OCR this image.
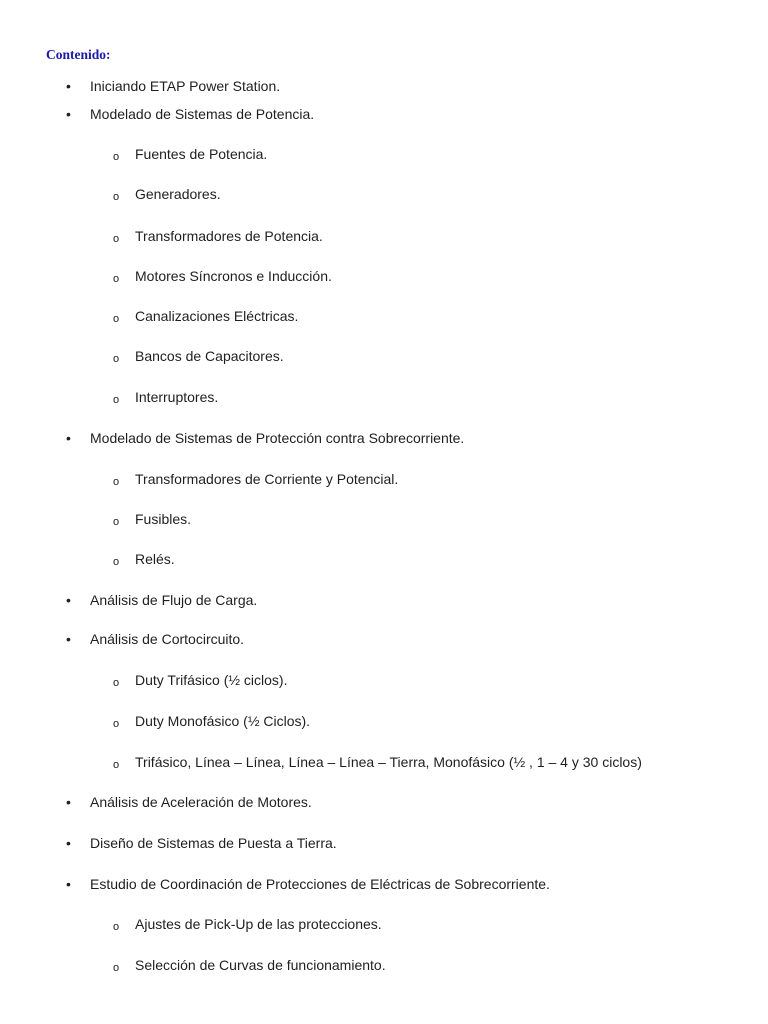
Contenido:
•Iniciando ETAP Power Station.
•Modelado de Sistemas de Potencia.
oFuentes de Potencia.
oGeneradores.
oTransformadores de Potencia.
oMotores Síncronos e Inducción.
oCanalizaciones Eléctricas.
oBancos de Capacitores.
oInterruptores.
•Modelado de Sistemas de Protección contra Sobrecorriente.
oTransformadores de Corriente y Potencial.
oFusibles.
oRelés.
•Análisis de Flujo de Carga.
•Análisis de Cortocircuito.
oDuty Trifásico (½ ciclos).
oDuty Monofásico (½ Ciclos).
oTrifásico, Línea – Línea, Línea – Línea – Tierra, Monofásico (½ , 1 – 4 y 30 ciclos)
•Análisis de Aceleración de Motores.
•Diseño de Sistemas de Puesta a Tierra.
•Estudio de Coordinación de Protecciones de Eléctricas de Sobrecorriente.
oAjustes de Pick-Up de las protecciones.
oSelección de Curvas de funcionamiento.
